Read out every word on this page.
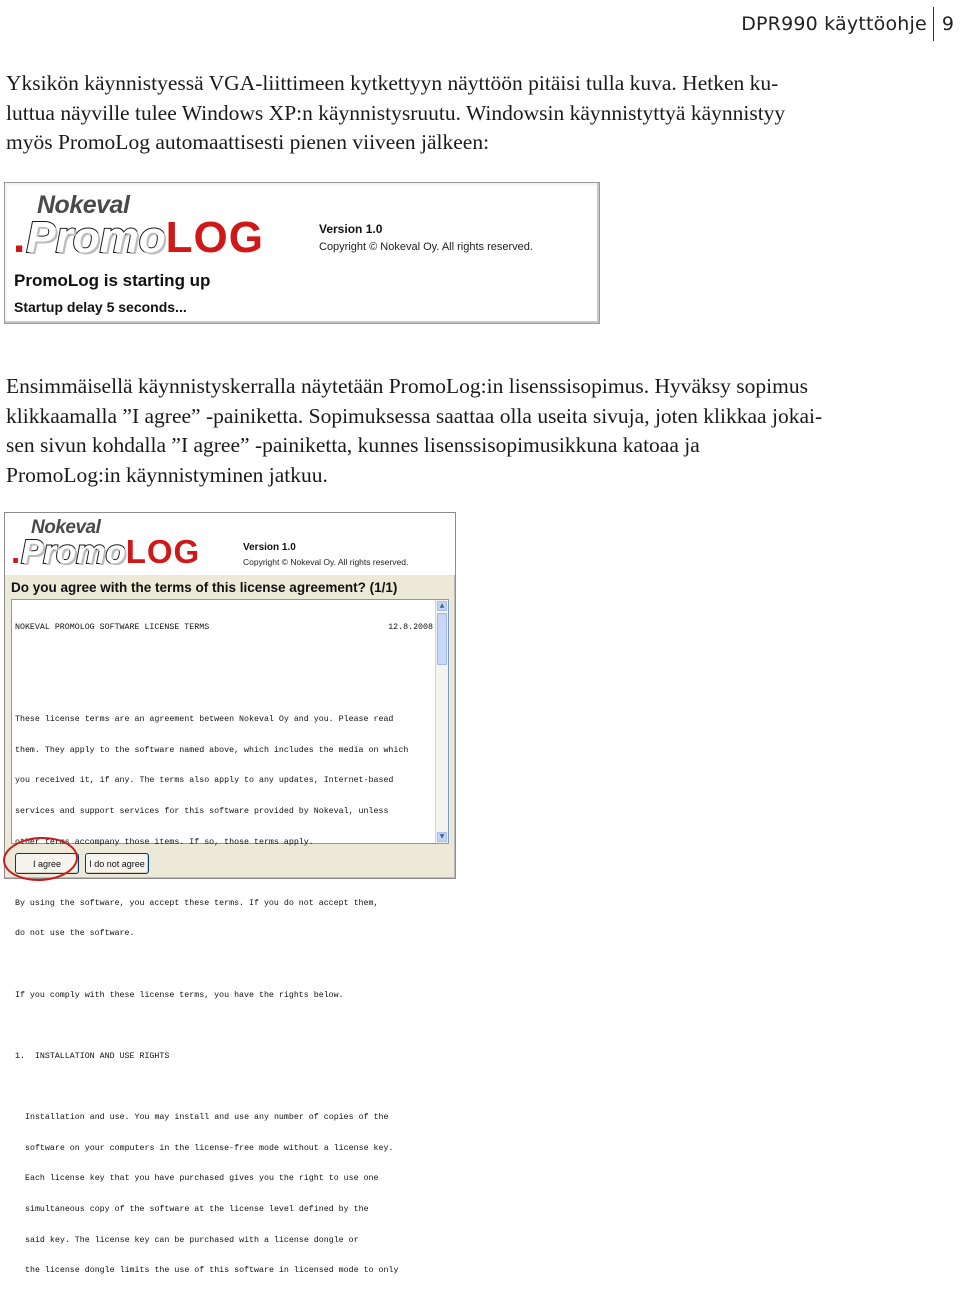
DPR990 käyttöohje 9
Yksikön käynnistyessä VGA-liittimeen kytkettyyn näyttöön pitäisi tulla kuva. Hetken ku-
luttua näyville tulee Windows XP:n käynnistysruutu. Windowsin käynnistyttyä käynnistyy
myös PromoLog automaattisesti pienen viiveen jälkeen:
Nokeval
. Promo LOG	Version 1.0
Copyright © Nokeval Oy. All rights reserved.
PromoLog is starting up
Startup delay 5 seconds...
Ensimmäisellä käynnistyskerralla näytetään PromoLog:in lisenssisopimus. Hyväksy sopimus
klikkaamalla ”I agree” -painiketta. Sopimuksessa saattaa olla useita sivuja, joten klikkaa jokai-
sen sivun kohdalla ”I agree” -painiketta, kunnes lisenssisopimusikkuna katoaa ja
PromoLog:in käynnistyminen jatkuu.
Nokeval
. Promo LOG	Version 1.0
Copyright © Nokeval Oy. All rights reserved.
Do you agree with the terms of this license agreement? (1/1)

NOKEVAL PROMOLOG SOFTWARE LICENSE TERMS	12.8.2008

These license terms are an agreement between Nokeval Oy and you. Please read

them. They apply to the software named above, which includes the media on which

you received it, if any. The terms also apply to any updates, Internet-based

services and support services for this software provided by Nokeval, unless

other terms accompany those items. If so, those terms apply.

By using the software, you accept these terms. If you do not accept them,

do not use the software.

If you comply with these license terms, you have the rights below.

1.  INSTALLATION AND USE RIGHTS

Installation and use. You may install and use any number of copies of the

software on your computers in the license-free mode without a license key.

Each license key that you have purchased gives you the right to use one

simultaneous copy of the software at the license level defined by the

said key. The license key can be purchased with a license dongle or

the license dongle limits the use of this software in licensed mode to only

▲
▼
I agree	I do not agree
